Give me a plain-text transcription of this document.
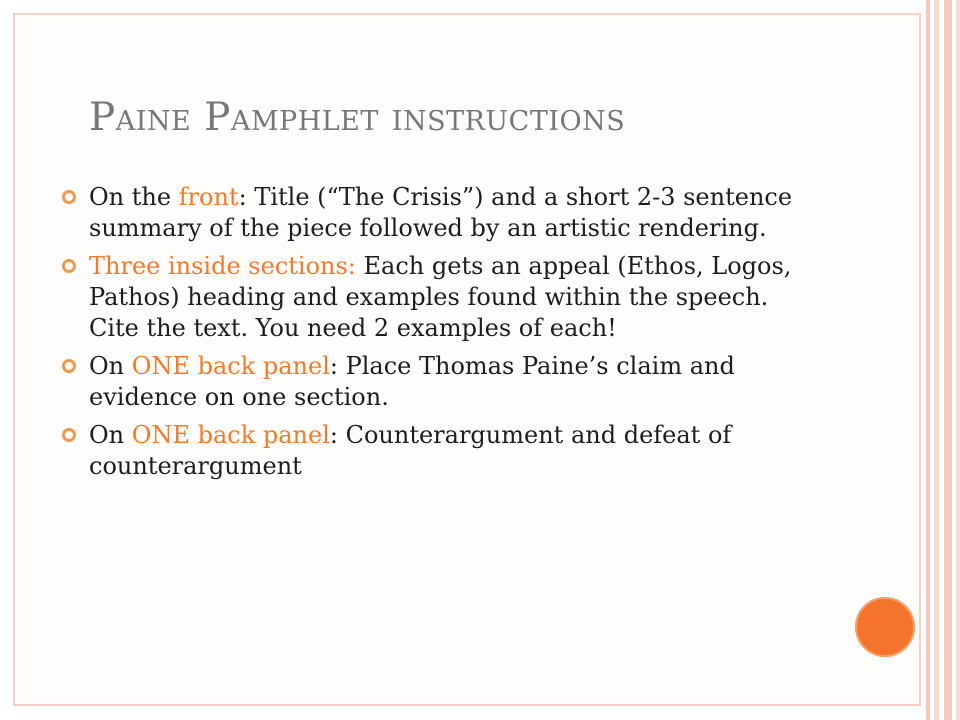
Paine Pamphlet instructions
On the front: Title (“The Crisis”) and a short 2-3 sentence summary of the piece followed by an artistic rendering.
Three inside sections: Each gets an appeal (Ethos, Logos, Pathos) heading and examples found within the speech. Cite the text. You need 2 examples of each!
On ONE back panel: Place Thomas Paine’s claim and evidence on one section.
On ONE back panel: Counterargument and defeat of counterargument
